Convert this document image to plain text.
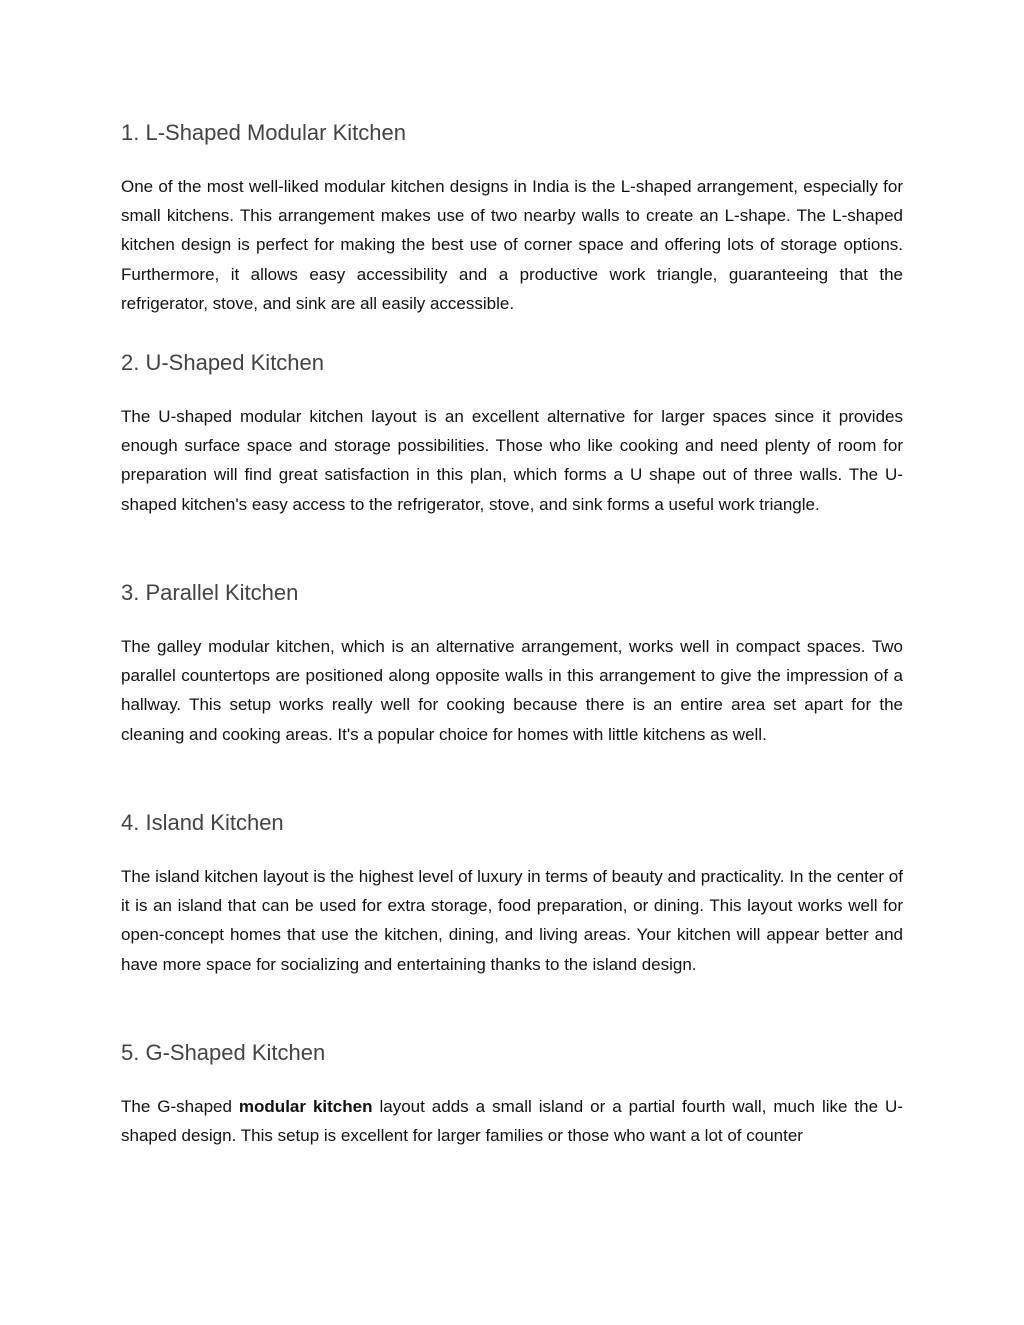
1. L-Shaped Modular Kitchen

One of the most well-liked modular kitchen designs in India is the L-shaped arrangement, especially for small kitchens. This arrangement makes use of two nearby walls to create an L-shape. The L-shaped kitchen design is perfect for making the best use of corner space and offering lots of storage options. Furthermore, it allows easy accessibility and a productive work triangle, guaranteeing that the refrigerator, stove, and sink are all easily accessible.

2. U-Shaped Kitchen

The U-shaped modular kitchen layout is an excellent alternative for larger spaces since it provides enough surface space and storage possibilities. Those who like cooking and need plenty of room for preparation will find great satisfaction in this plan, which forms a U shape out of three walls. The U-shaped kitchen's easy access to the refrigerator, stove, and sink forms a useful work triangle.

3. Parallel Kitchen

The galley modular kitchen, which is an alternative arrangement, works well in compact spaces. Two parallel countertops are positioned along opposite walls in this arrangement to give the impression of a hallway. This setup works really well for cooking because there is an entire area set apart for the cleaning and cooking areas. It's a popular choice for homes with little kitchens as well.

4. Island Kitchen

The island kitchen layout is the highest level of luxury in terms of beauty and practicality. In the center of it is an island that can be used for extra storage, food preparation, or dining. This layout works well for open-concept homes that use the kitchen, dining, and living areas. Your kitchen will appear better and have more space for socializing and entertaining thanks to the island design.

5. G-Shaped Kitchen

The G-shaped modular kitchen layout adds a small island or a partial fourth wall, much like the U-shaped design. This setup is excellent for larger families or those who want a lot of counter
